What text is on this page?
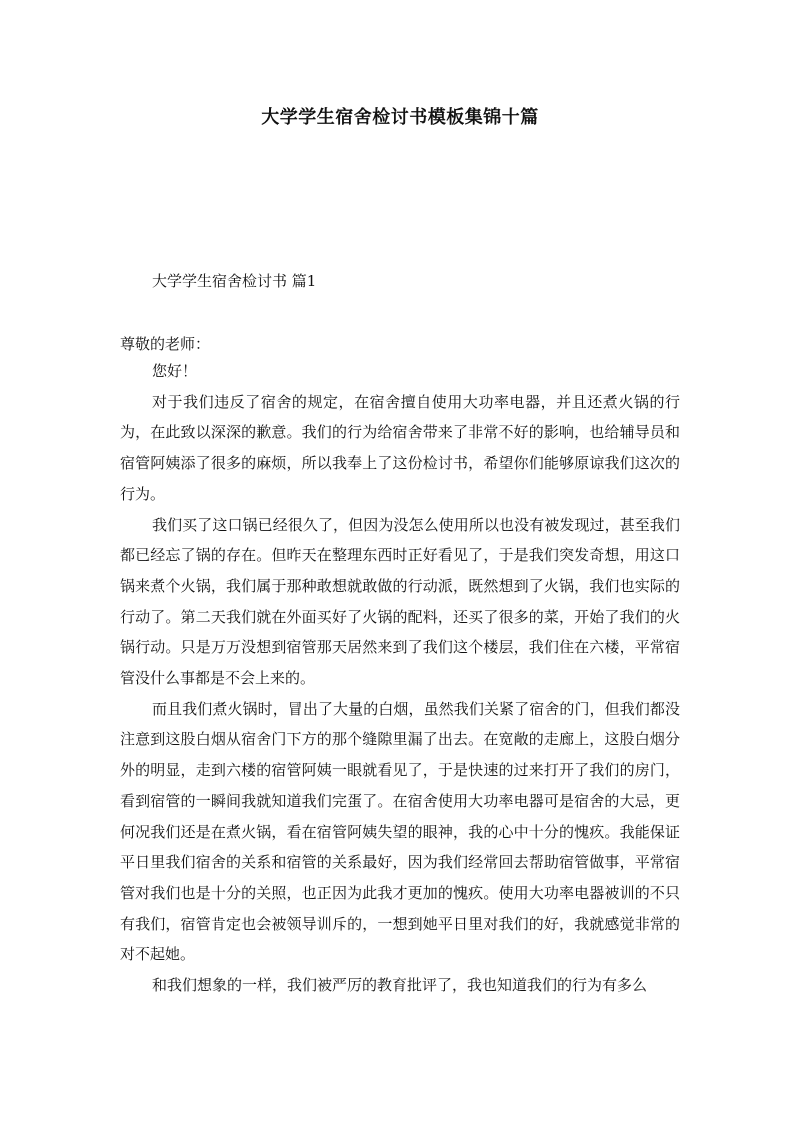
大学学生宿舍检讨书模板集锦十篇
大学学生宿舍检讨书 篇1
尊敬的老师：

您好！

对于我们违反了宿舍的规定，在宿舍擅自使用大功率电器，并且还煮火锅的行为，在此致以深深的歉意。我们的行为给宿舍带来了非常不好的影响，也给辅导员和宿管阿姨添了很多的麻烦，所以我奉上了这份检讨书，希望你们能够原谅我们这次的行为。

我们买了这口锅已经很久了，但因为没怎么使用所以也没有被发现过，甚至我们都已经忘了锅的存在。但昨天在整理东西时正好看见了，于是我们突发奇想，用这口锅来煮个火锅，我们属于那种敢想就敢做的行动派，既然想到了火锅，我们也实际的行动了。第二天我们就在外面买好了火锅的配料，还买了很多的菜，开始了我们的火锅行动。只是万万没想到宿管那天居然来到了我们这个楼层，我们住在六楼，平常宿管没什么事都是不会上来的。

而且我们煮火锅时，冒出了大量的白烟，虽然我们关紧了宿舍的门，但我们都没注意到这股白烟从宿舍门下方的那个缝隙里漏了出去。在宽敞的走廊上，这股白烟分外的明显，走到六楼的宿管阿姨一眼就看见了，于是快速的过来打开了我们的房门，看到宿管的一瞬间我就知道我们完蛋了。在宿舍使用大功率电器可是宿舍的大忌，更何况我们还是在煮火锅，看在宿管阿姨失望的眼神，我的心中十分的愧疚。我能保证平日里我们宿舍的关系和宿管的关系最好，因为我们经常回去帮助宿管做事，平常宿管对我们也是十分的关照，也正因为此我才更加的愧疚。使用大功率电器被训的不只有我们，宿管肯定也会被领导训斥的，一想到她平日里对我们的好，我就感觉非常的对不起她。

和我们想象的一样，我们被严厉的教育批评了，我也知道我们的行为有多么
